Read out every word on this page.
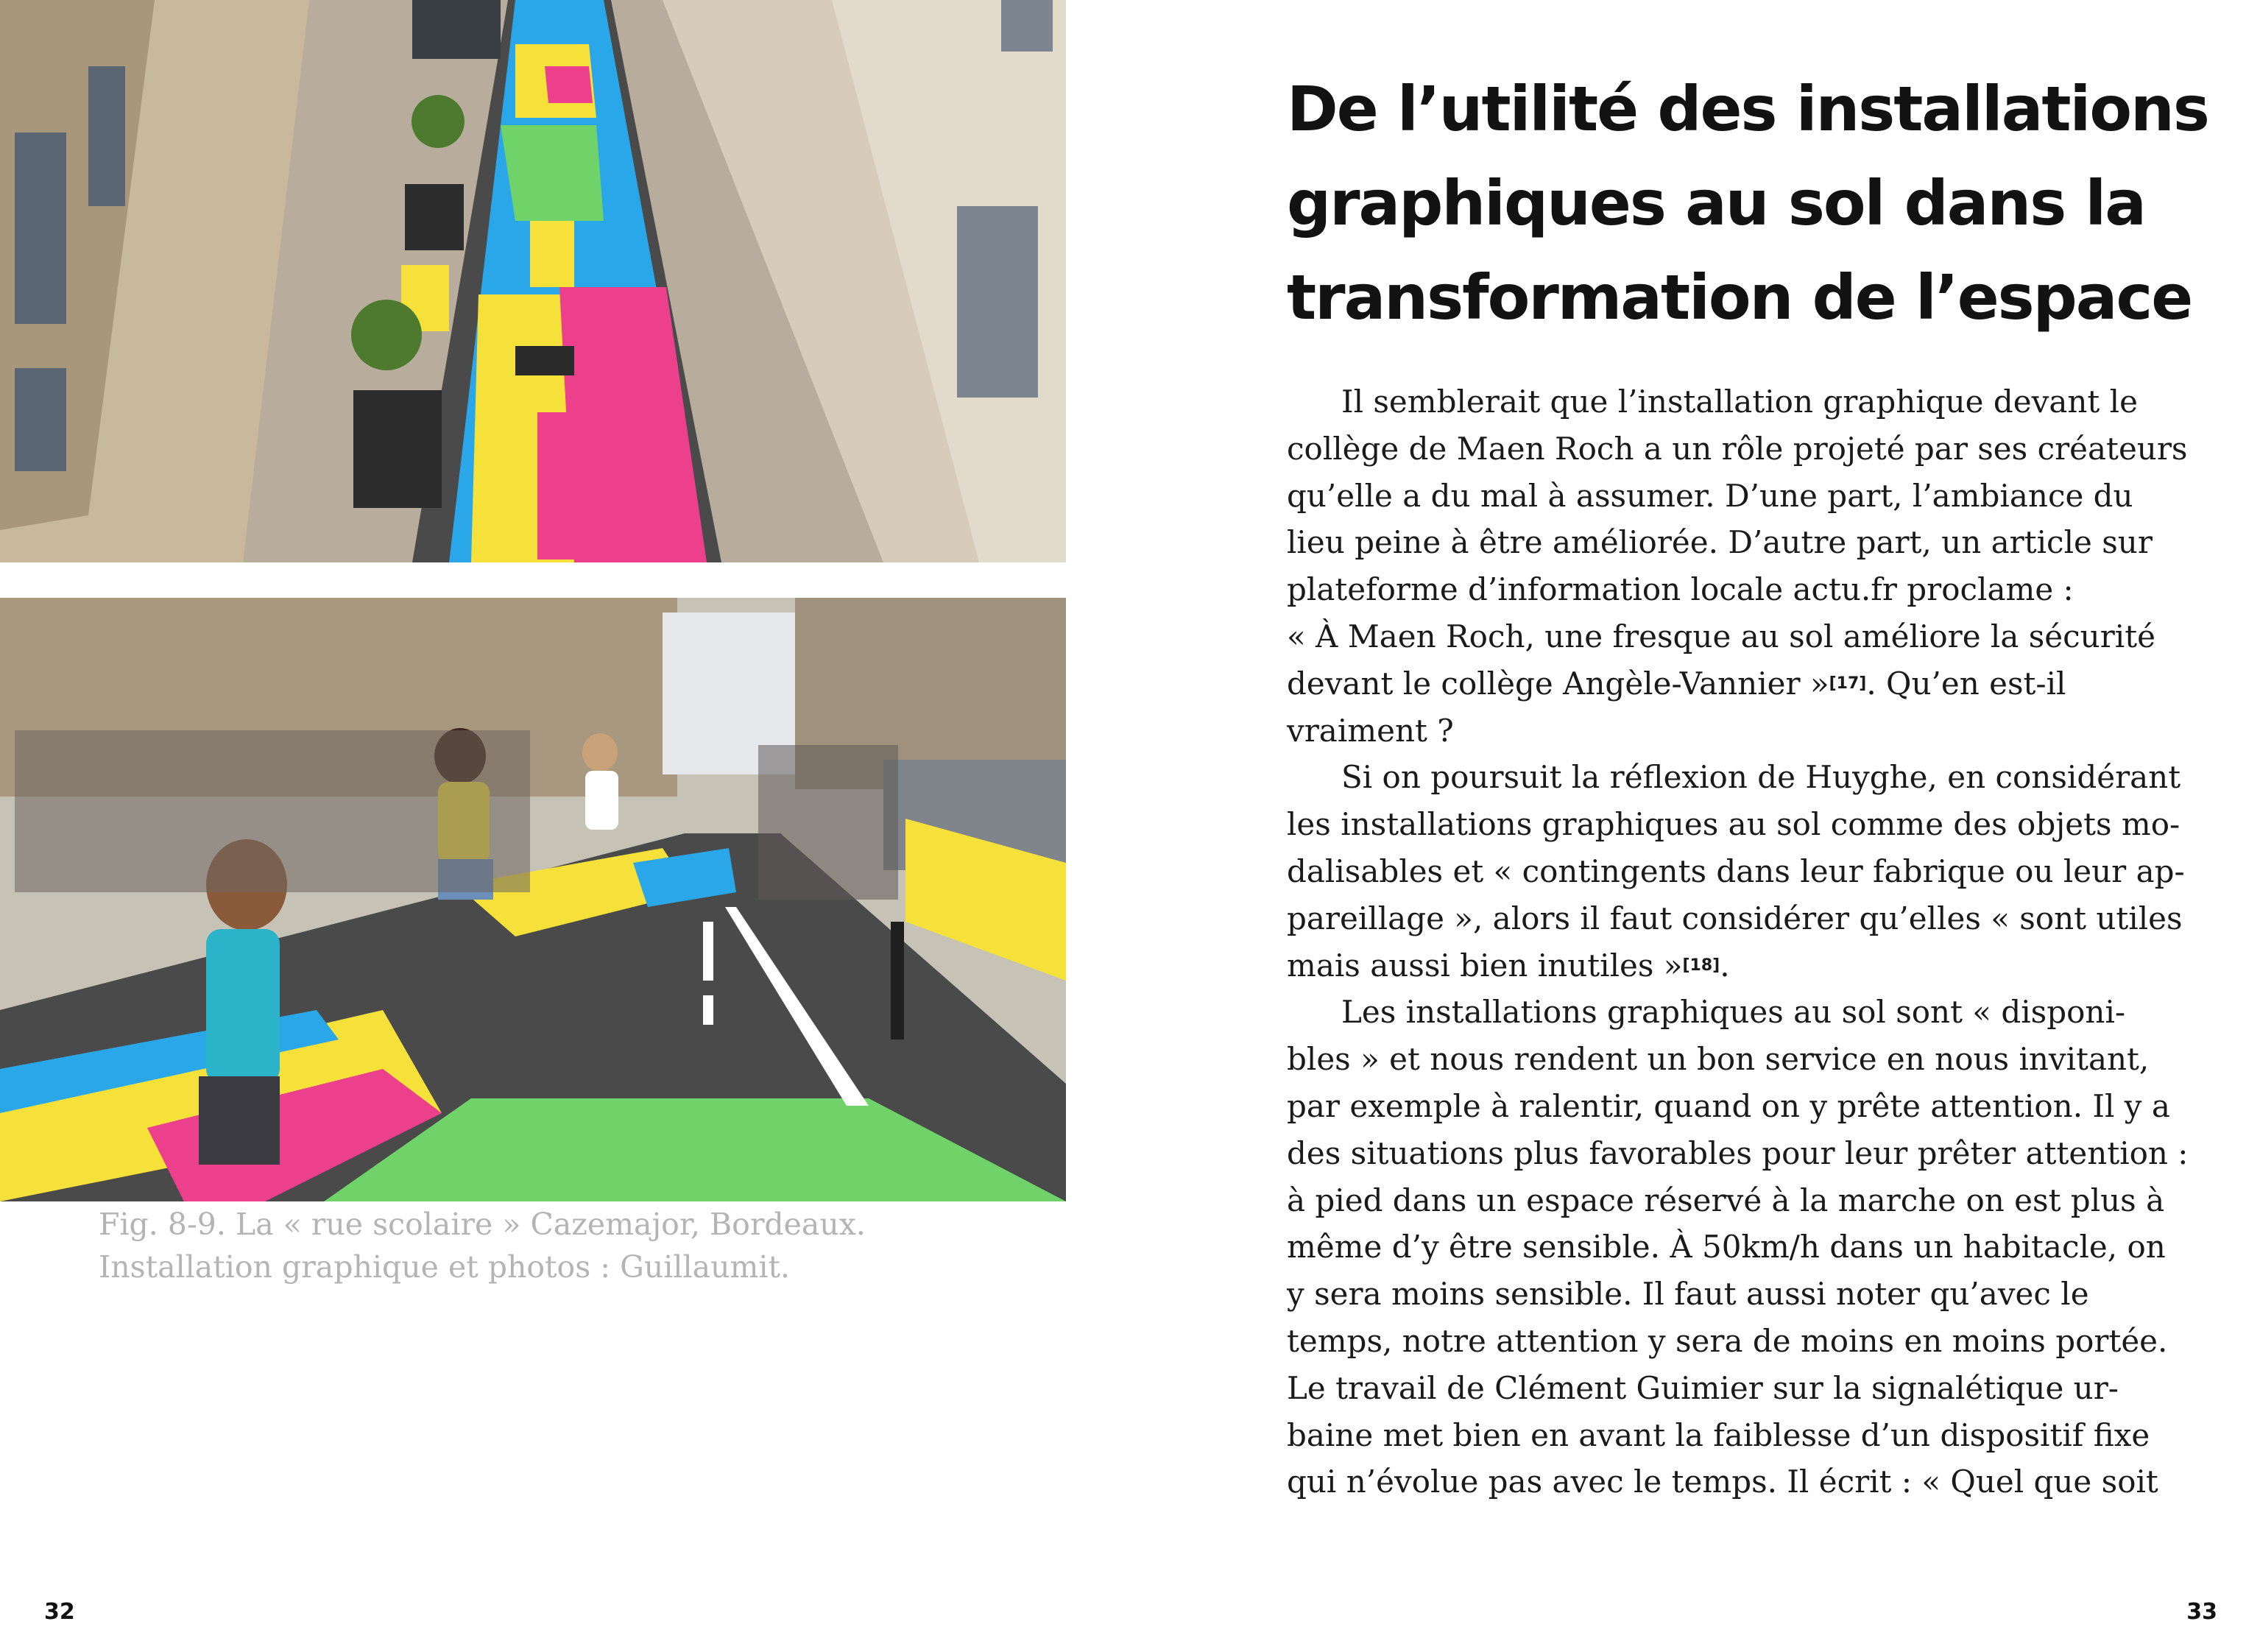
Fig. 8-9. La « rue scolaire » Cazemajor, Bordeaux.
Installation graphique et photos : Guillaumit.
De l’utilité des installations
graphiques au sol dans la
transformation de l’espace
Il semblerait que l’installation graphique devant le
collège de Maen Roch a un rôle projeté par ses créateurs
qu’elle a du mal à assumer. D’une part, l’ambiance du
lieu peine à être améliorée. D’autre part, un article sur
plateforme d’information locale actu.fr proclame :
« À Maen Roch, une fresque au sol améliore la sécurité
devant le collège Angèle-Vannier »[17]. Qu’en est-il
vraiment ?
Si on poursuit la réflexion de Huyghe, en considérant
les installations graphiques au sol comme des objets mo-
dalisables et « contingents dans leur fabrique ou leur ap-
pareillage », alors il faut considérer qu’elles « sont utiles
mais aussi bien inutiles »[18].
Les installations graphiques au sol sont « disponi-
bles » et nous rendent un bon service en nous invitant,
par exemple à ralentir, quand on y prête attention. Il y a
des situations plus favorables pour leur prêter attention :
à pied dans un espace réservé à la marche on est plus à
même d’y être sensible. À 50km/h dans un habitacle, on
y sera moins sensible. Il faut aussi noter qu’avec le
temps, notre attention y sera de moins en moins portée.
Le travail de Clément Guimier sur la signalétique ur-
baine met bien en avant la faiblesse d’un dispositif fixe
qui n’évolue pas avec le temps. Il écrit : « Quel que soit
32	33
